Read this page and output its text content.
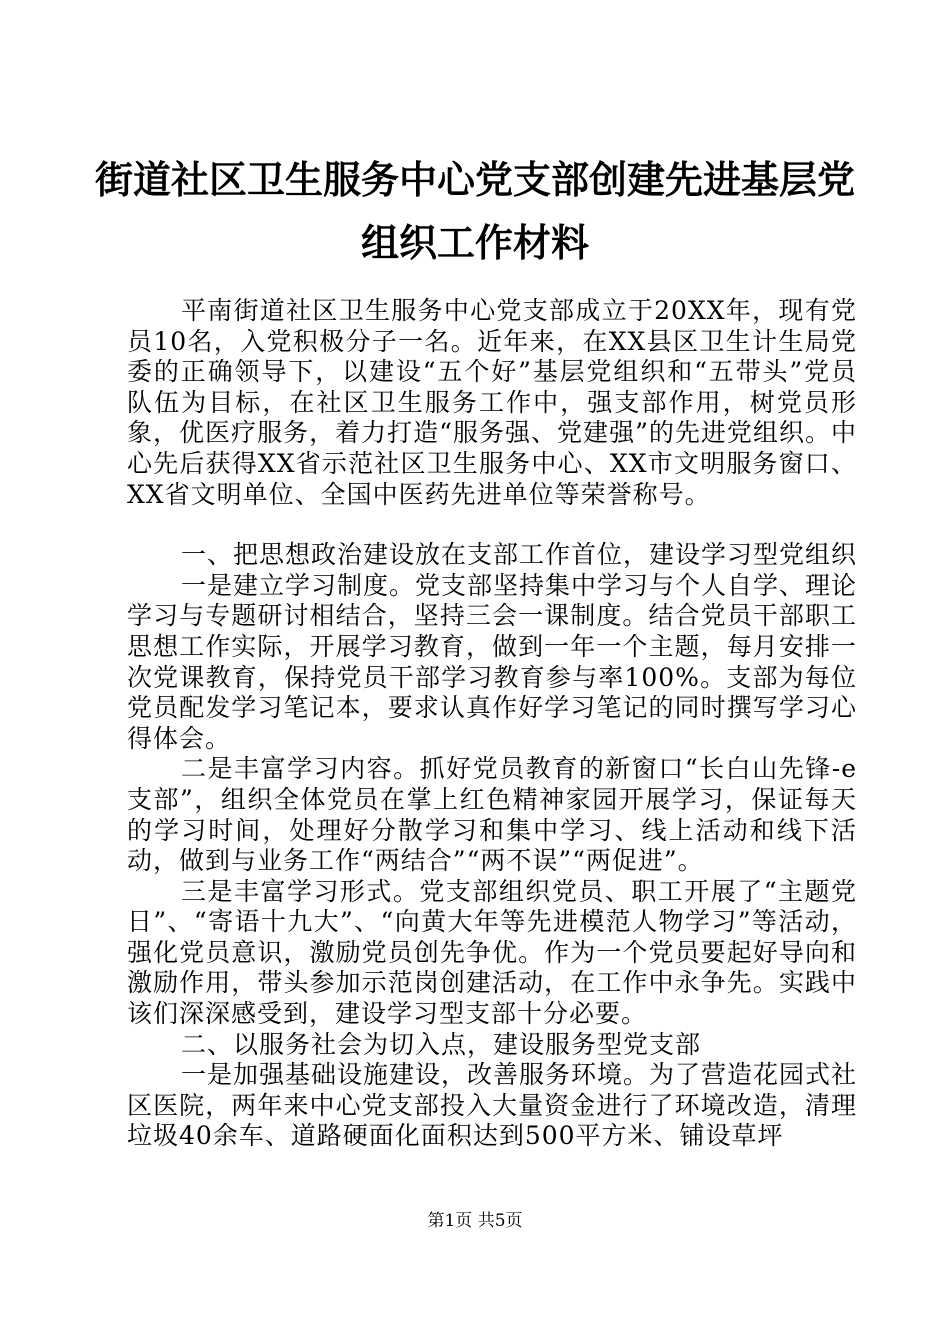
街道社区卫生服务中心党支部创建先进基层党
组织工作材料

平南街道社区卫生服务中心党支部成立于20XX年，现有党员10名，入党积极分子一名。近年来，在XX县区卫生计生局党委的正确领导下，以建设“五个好”基层党组织和“五带头”党员队伍为目标，在社区卫生服务工作中，强支部作用，树党员形象，优医疗服务，着力打造“服务强、党建强”的先进党组织。中心先后获得XX省示范社区卫生服务中心、XX市文明服务窗口、XX省文明单位、全国中医药先进单位等荣誉称号。

一、把思想政治建设放在支部工作首位，建设学习型党组织

一是建立学习制度。党支部坚持集中学习与个人自学、理论学习与专题研讨相结合，坚持三会一课制度。结合党员干部职工思想工作实际，开展学习教育，做到一年一个主题，每月安排一次党课教育，保持党员干部学习教育参与率100%。支部为每位党员配发学习笔记本，要求认真作好学习笔记的同时撰写学习心得体会。

二是丰富学习内容。抓好党员教育的新窗口“长白山先锋-e支部”，组织全体党员在掌上红色精神家园开展学习，保证每天的学习时间，处理好分散学习和集中学习、线上活动和线下活动，做到与业务工作“两结合”“两不误”“两促进”。

三是丰富学习形式。党支部组织党员、职工开展了“主题党日”、“寄语十九大”、“向黄大年等先进模范人物学习”等活动，强化党员意识，激励党员创先争优。作为一个党员要起好导向和激励作用，带头参加示范岗创建活动，在工作中永争先。实践中该们深深感受到，建设学习型支部十分必要。

二、以服务社会为切入点，建设服务型党支部

一是加强基础设施建设，改善服务环境。为了营造花园式社区医院，两年来中心党支部投入大量资金进行了环境改造，清理垃圾40余车、道路硬面化面积达到500平方米、铺设草坪

第1页 共5页
